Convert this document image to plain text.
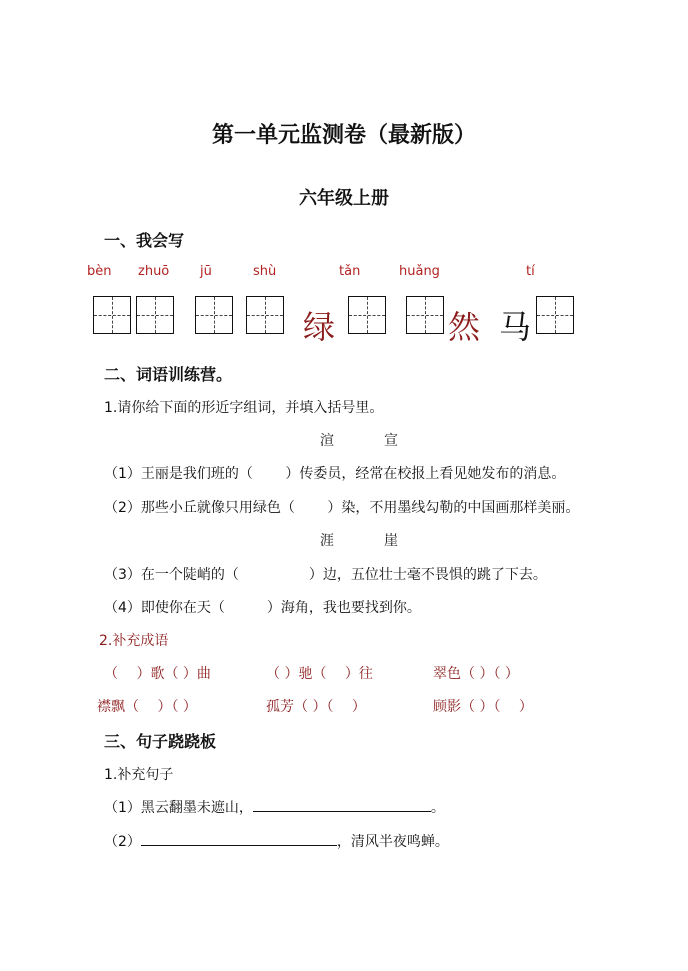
第一单元监测卷（最新版）
六年级上册
一、我会写
bèn zhuō jū	shù	tǎn	huǎng	tí
绿	然 马
二、词语训练营。
1.请你给下面的形近字组词，并填入括号里。
渲	宣
（1）王丽是我们班的（　　 ）传委员，经常在校报上看见她发布的消息。
（2）那些小丘就像只用绿色（　　 ）染，不用墨线勾勒的中国画那样美丽。
涯	崖
（3）在一个陡峭的（　　　　　）边，五位壮士毫不畏惧的跳了下去。
（4）即使你在天（　　　）海角，我也要找到你。
2.补充成语
（　 ）歌（ ）曲	（ ）驰（　 ）往	翠色（ ）（ ）
襟飘（　 ）（ ）	孤芳（ ）（　 ）	顾影（ ）（　 ）
三、句子跷跷板
1.补充句子
（1）黑云翻墨未遮山，	。
（2）	，清风半夜鸣蝉。
